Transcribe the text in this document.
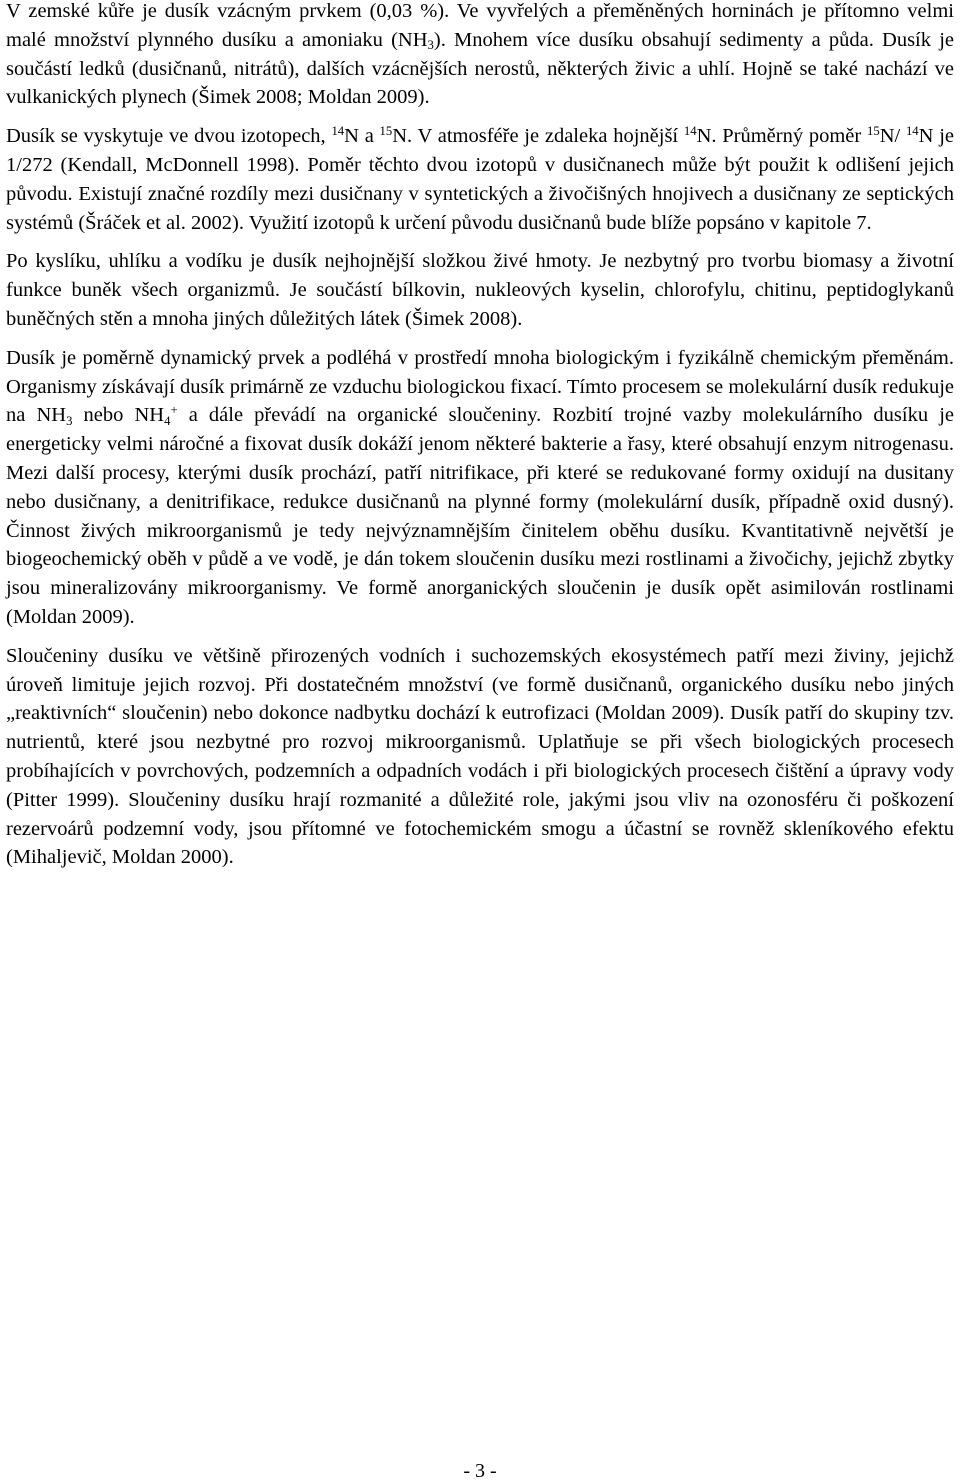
V zemské kůře je dusík vzácným prvkem (0,03 %). Ve vyvřelých a přeměněných horninách je přítomno velmi malé množství plynného dusíku a amoniaku $(NH_3)$. Mnohem více dusíku obsahují sedimenty a půda. Dusík je součástí ledků (dusičnanů, nitrátů), dalších vzácnějších nerostů, některých živic a uhlí. Hojně se také nachází ve vulkanických plynech (Šimek 2008; Moldan 2009).

Dusík se vyskytuje ve dvou izotopech, $^{14}$N a $^{15}$N. V atmosféře je zdaleka hojnější $^{14}$N. Průměrný poměr $^{15}$N/ $^{14}$N je 1/272 (Kendall, McDonnell 1998). Poměr těchto dvou izotopů v dusičnanech může být použit k odlišení jejich původu. Existují značné rozdíly mezi dusičnany v syntetických a živočišných hnojivech a dusičnany ze septických systémů (Šráček et al. 2002). Využití izotopů k určení původu dusičnanů bude blíže popsáno v kapitole 7.

Po kyslíku, uhlíku a vodíku je dusík nejhojnější složkou živé hmoty. Je nezbytný pro tvorbu biomasy a životní funkce buněk všech organizmů. Je součástí bílkovin, nukleových kyselin, chlorofylu, chitinu, peptidoglykanů buněčných stěn a mnoha jiných důležitých látek (Šimek 2008).

Dusík je poměrně dynamický prvek a podléhá v prostředí mnoha biologickým i fyzikálně chemickým přeměnám. Organismy získávají dusík primárně ze vzduchu biologickou fixací. Tímto procesem se molekulární dusík redukuje na $NH_3$ nebo $NH_4^+$ a dále převádí na organické sloučeniny. Rozbití trojné vazby molekulárního dusíku je energeticky velmi náročné a fixovat dusík dokáží jenom některé bakterie a řasy, které obsahují enzym nitrogenasu. Mezi další procesy, kterými dusík prochází, patří nitrifikace, při které se redukované formy oxidují na dusitany nebo dusičnany, a denitrifikace, redukce dusičnanů na plynné formy (molekulární dusík, případně oxid dusný). Činnost živých mikroorganismů je tedy nejvýznamnějším činitelem oběhu dusíku. Kvantitativně největší je biogeochemický oběh v půdě a ve vodě, je dán tokem sloučenin dusíku mezi rostlinami a živočichy, jejichž zbytky jsou mineralizovány mikroorganismy. Ve formě anorganických sloučenin je dusík opět asimilován rostlinami (Moldan 2009).

Sloučeniny dusíku ve většině přirozených vodních i suchozemských ekosystémech patří mezi živiny, jejichž úroveň limituje jejich rozvoj. Při dostatečném množství (ve formě dusičnanů, organického dusíku nebo jiných „reaktivních“ sloučenin) nebo dokonce nadbytku dochází k eutrofizaci (Moldan 2009). Dusík patří do skupiny tzv. nutrientů, které jsou nezbytné pro rozvoj mikroorganismů. Uplatňuje se při všech biologických procesech probíhajících v povrchových, podzemních a odpadních vodách i při biologických procesech čištění a úpravy vody (Pitter 1999). Sloučeniny dusíku hrají rozmanité a důležité role, jakými jsou vliv na ozonosféru či poškození rezervoárů podzemní vody, jsou přítomné ve fotochemickém smogu a účastní se rovněž skleníkového efektu (Mihaljevič, Moldan 2000).

- 3 -
